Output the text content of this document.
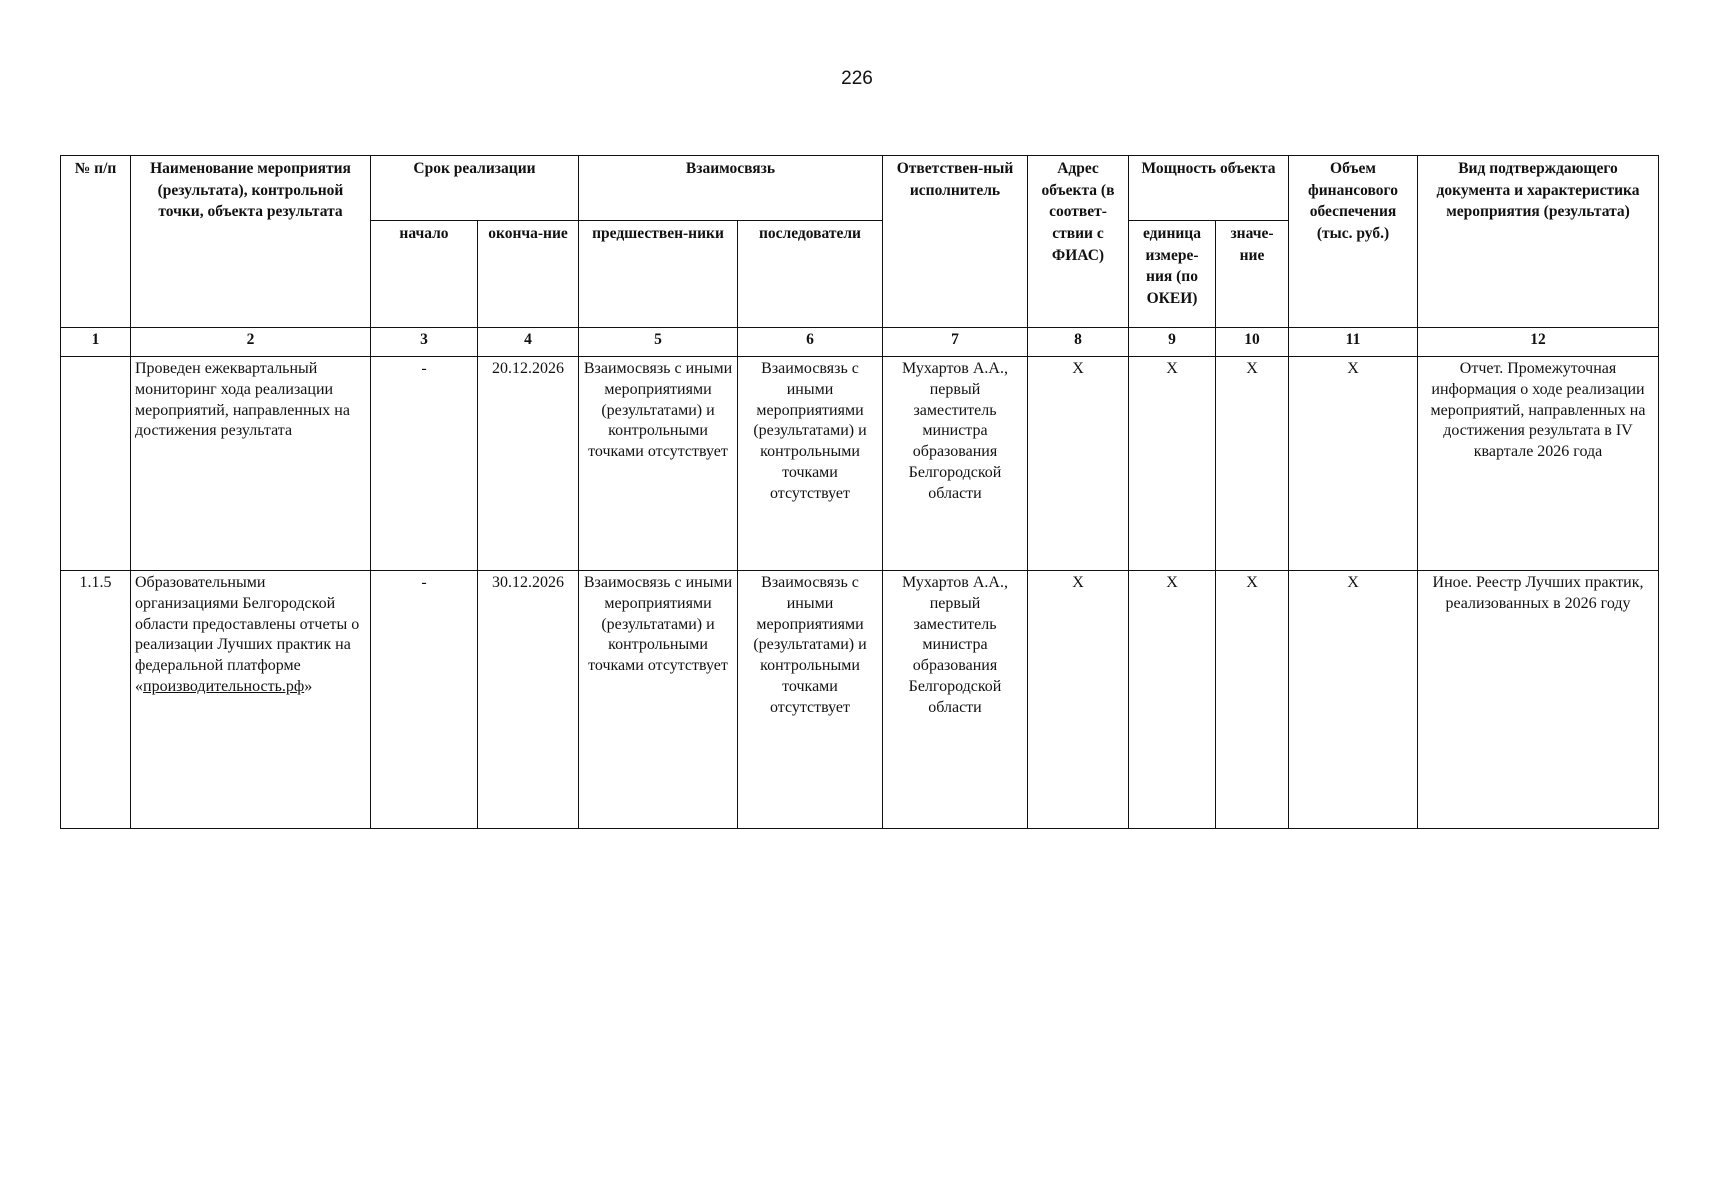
226
№ п/п	Наименование мероприятия (результата), контрольной точки, объекта результата	Срок реализации		Взаимосвязь		Ответствен-ный исполнитель	Адрес объекта (в соответ-ствии с ФИАС)	Мощность объекта		Объем финансового обеспечения (тыс. руб.)	Вид подтверждающего документа и характеристика мероприятия (результата)
		начало	оконча-ние	предшествен-ники	последователи			единица измере-ния (по ОКЕИ)	значе-ние		
1	2	3	4	5	6	7	8	9	10	11	12
	Проведен ежеквартальный мониторинг хода реализации мероприятий, направленных на достижения результата	-	20.12.2026	Взаимосвязь с иными мероприятиями (результатами) и контрольными точками отсутствует	Взаимосвязь с иными мероприятиями (результатами) и контрольными точками отсутствует	Мухартов А.А., первый заместитель министра образования Белгородской области	X	X	X	X	Отчет. Промежуточная информация о ходе реализации мероприятий, направленных на достижения результата в IV квартале 2026 года
1.1.5	Образовательными организациями Белгородской области предоставлены отчеты о реализации Лучших практик на федеральной платформе «производительность.рф»	-	30.12.2026	Взаимосвязь с иными мероприятиями (результатами) и контрольными точками отсутствует	Взаимосвязь с иными мероприятиями (результатами) и контрольными точками отсутствует	Мухартов А.А., первый заместитель министра образования Белгородской области	X	X	X	X	Иное. Реестр Лучших практик, реализованных в 2026 году
